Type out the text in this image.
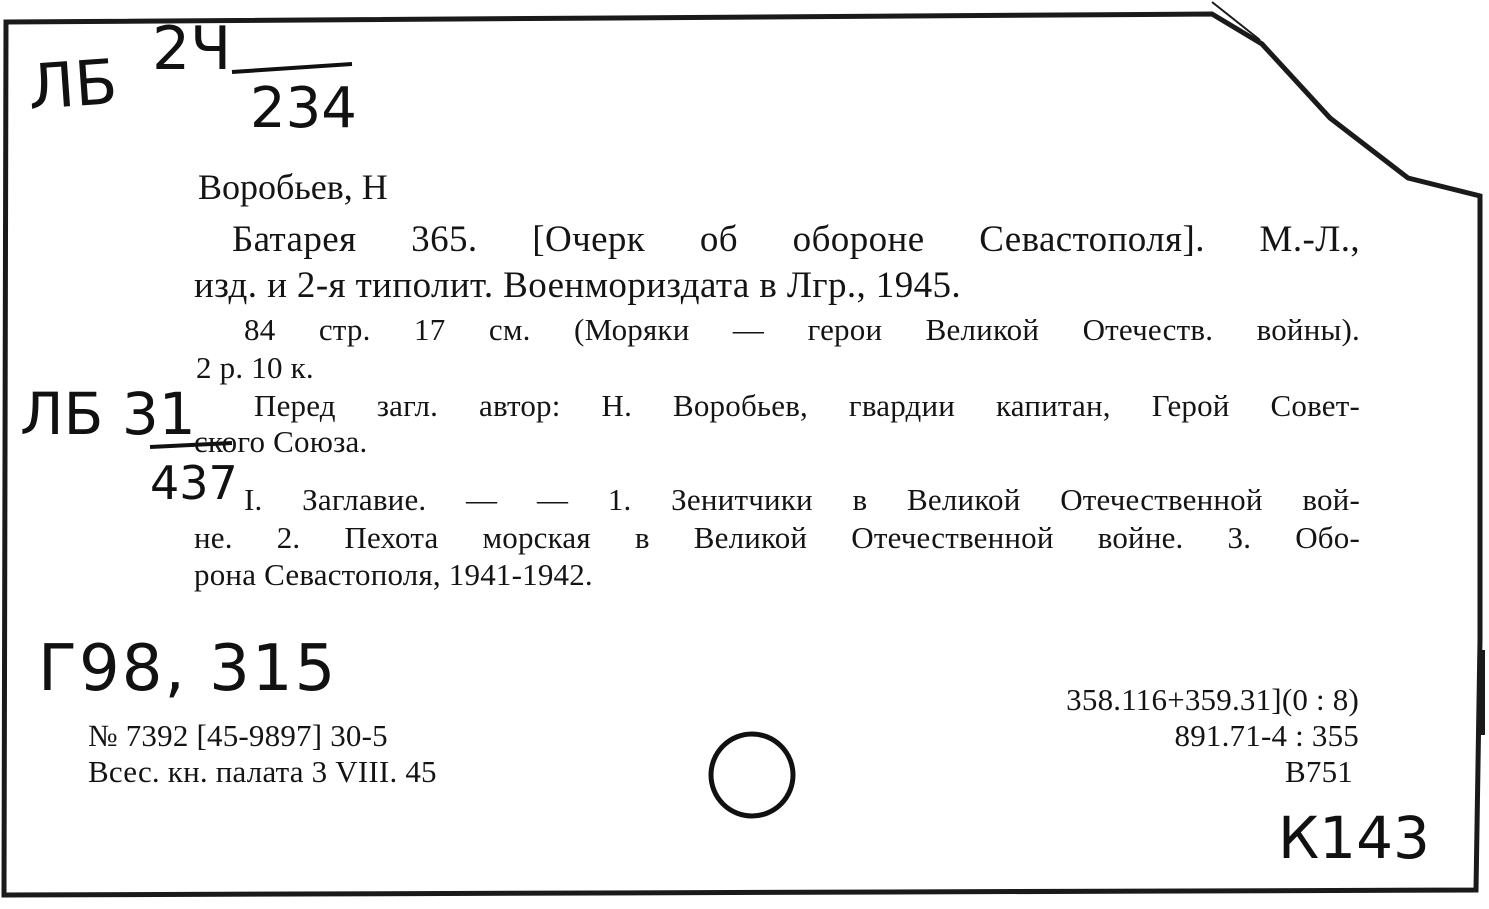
ЛБ 2Ч
234
ЛБ 31
437
Г98, 315
К143
Воробьев, Н
Батарея 365. [Очерк об обороне Севастополя]. М.-Л.,
изд. и 2-я типолит. Военмориздата в Лгр., 1945.
84 стр. 17 см. (Моряки — герои Великой Отечеств. войны).
2 р. 10 к.
Перед загл. автор: Н. Воробьев, гвардии капитан, Герой Совет-
ского Союза.
I. Заглавие. — — 1. Зенитчики в Великой Отечественной вой-
не. 2. Пехота морская в Великой Отечественной войне. 3. Обо-
рона Севастополя, 1941-1942.
№ 7392 [45-9897] 30-5
Всес. кн. палата 3 VIII. 45
358.116+359.31](0 : 8)
891.71-4 : 355
В751
